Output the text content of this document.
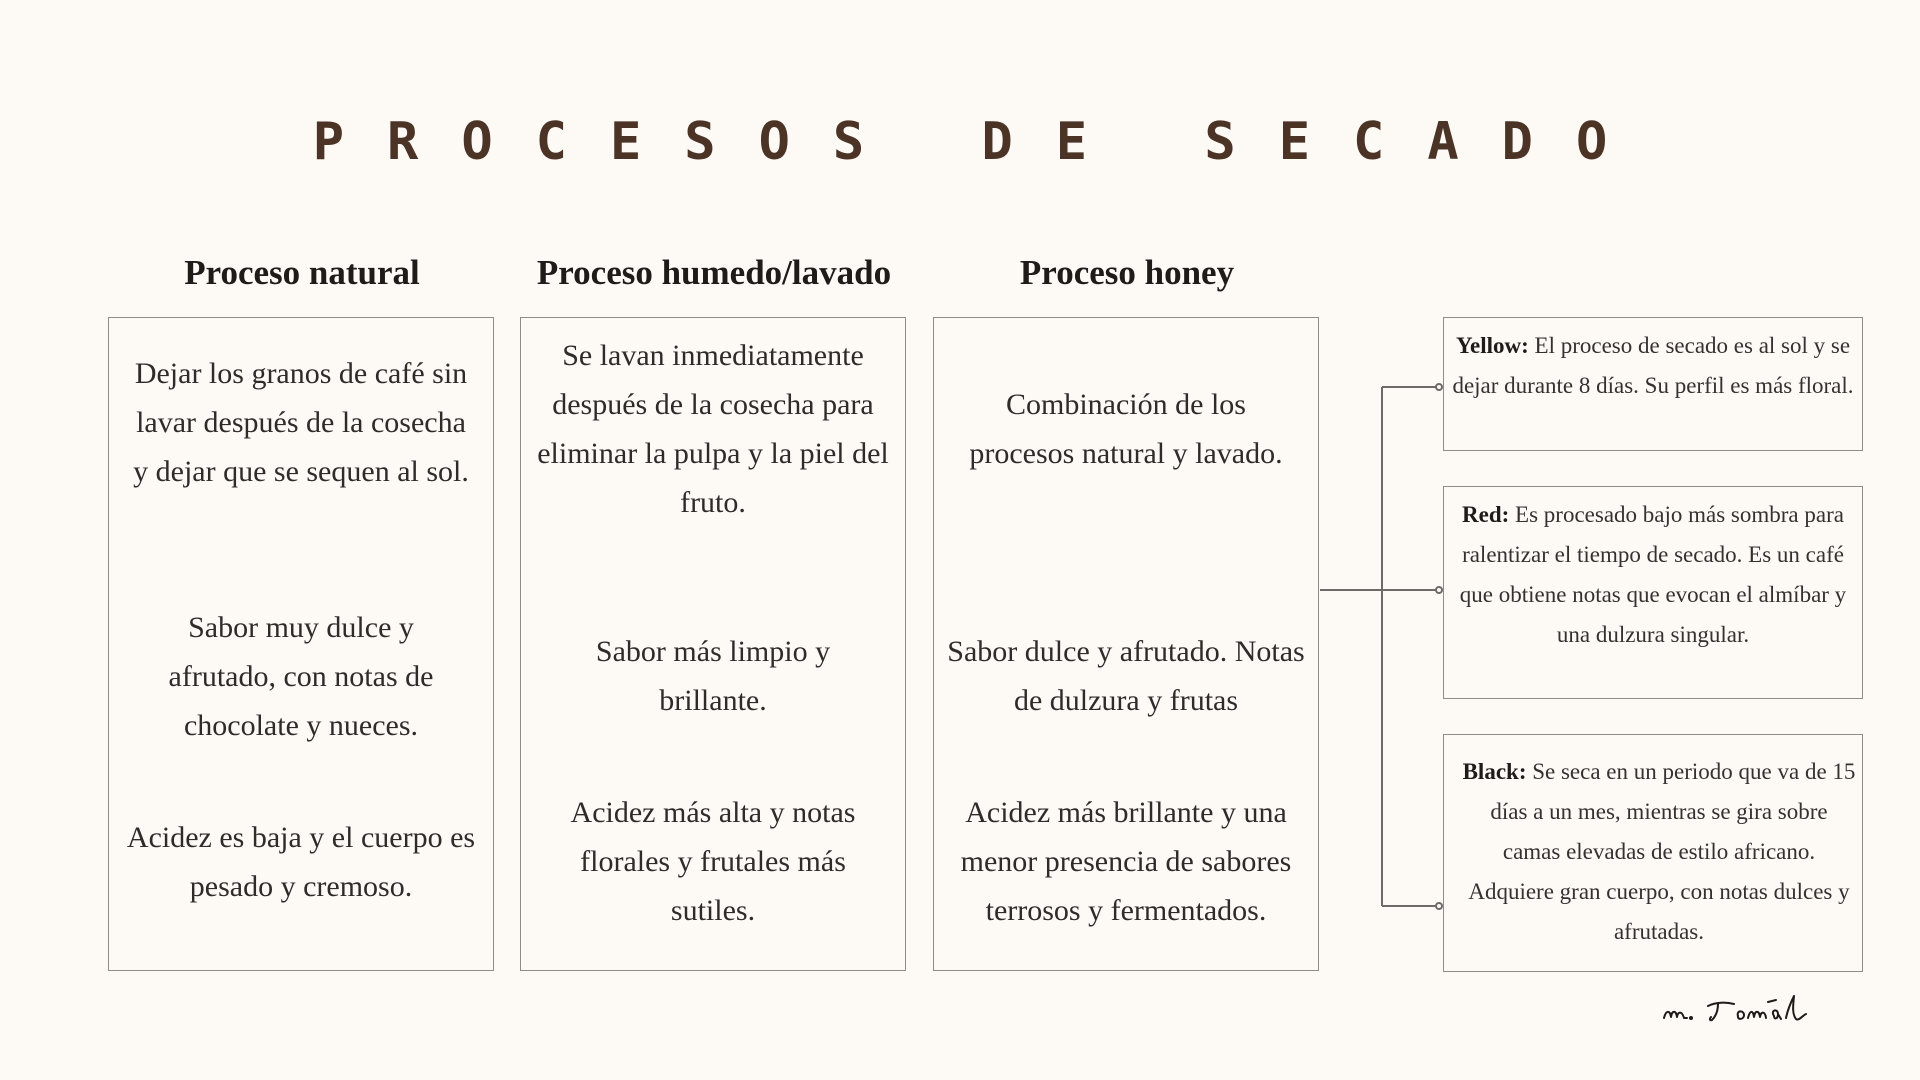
PROCESOS DE SECADO
Proceso natural	Proceso humedo/lavado	Proceso honey
Dejar los granos de café sin lavar después de la cosecha y dejar que se sequen al sol.
Sabor muy dulce y afrutado, con notas de chocolate y nueces.
Acidez es baja y el cuerpo es pesado y cremoso.
Se lavan inmediatamente después de la cosecha para eliminar la pulpa y la piel del fruto.
Sabor más limpio y brillante.
Acidez más alta y notas florales y frutales más sutiles.
Combinación de los procesos natural y lavado.
Sabor dulce y afrutado. Notas de dulzura y frutas
Acidez más brillante y una menor presencia de sabores terrosos y fermentados.
Yellow: El proceso de secado es al sol y se dejar durante 8 días. Su perfil es más floral.
Red: Es procesado bajo más sombra para ralentizar el tiempo de secado. Es un café que obtiene notas que evocan el almíbar y una dulzura singular.
Black: Se seca en un periodo que va de 15 días a un mes, mientras se gira sobre camas elevadas de estilo africano. Adquiere gran cuerpo, con notas dulces y afrutadas.
